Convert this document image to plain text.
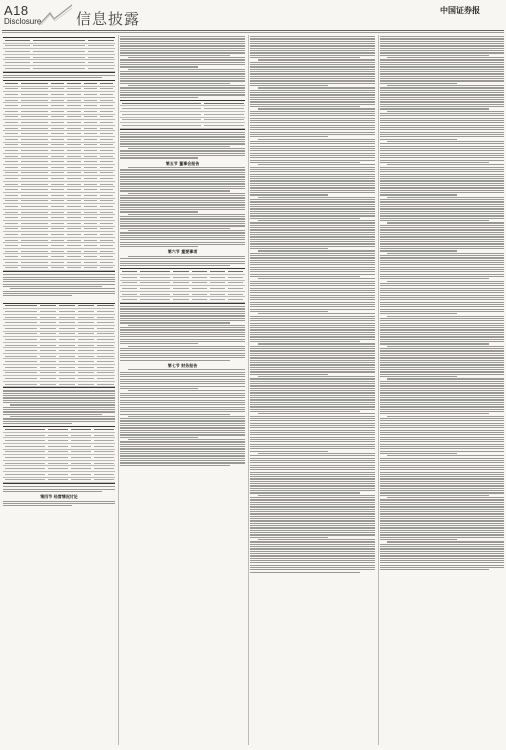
A18
Disclosure 信息披露	中国证券报
第四节 经营情况讨论
第五节 董事会报告
第六节 重要事项
第七节 财务报告
